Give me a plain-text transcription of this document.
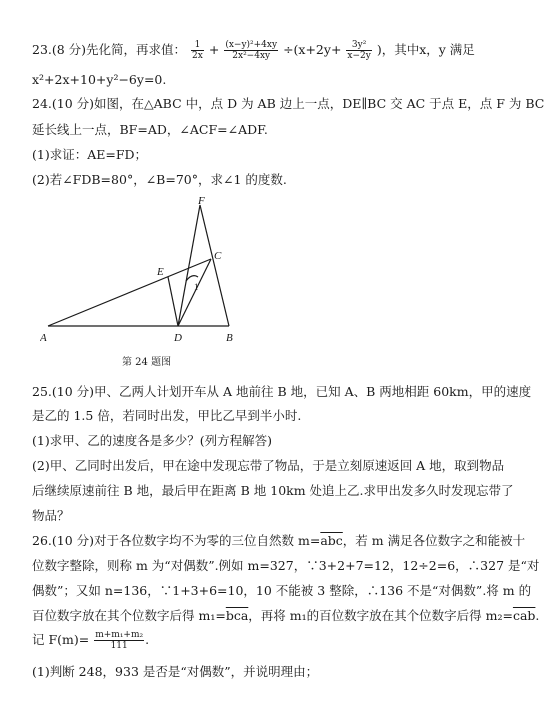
23.(8 分)先化简，再求值： $\frac{1}{2x} + \frac{\text{(x−y)²+4xy}}{\text{2x²−4xy}} \div(x+2y+ \frac{\text{3y²}}{x-2y}$ )，其中x，y 满足
x²+2x+10+y²−6y=0.
24.(10 分)如图，在△ABC 中，点 D 为 AB 边上一点，DE∥BC 交 AC 于点 E，点 F 为 BC
延长线上一点，BF=AD，∠ACF=∠ADF.
(1)求证：AE=FD；
(2)若∠FDB=80°，∠B=70°，求∠1 的度数.
A	B
C
D
E
F
1
第 24 题图
25.(10 分)甲、乙两人计划开车从 A 地前往 B 地，已知 A、B 两地相距 60km，甲的速度
是乙的 1.5 倍，若同时出发，甲比乙早到半小时.
(1)求甲、乙的速度各是多少？(列方程解答)
(2)甲、乙同时出发后，甲在途中发现忘带了物品，于是立刻原速返回 A 地，取到物品
后继续原速前往 B 地，最后甲在距离 B 地 10km 处追上乙.求甲出发多久时发现忘带了
物品？
26.(10 分)对于各位数字均不为零的三位自然数 $m=\overline{abc}$，若 m 满足各位数字之和能被十
位数字整除，则称 m 为“对偶数”.例如 m=327，∵3+2+7=12，12÷2=6，∴327 是“对
偶数”；又如 n=136，∵1+3+6=10，10 不能被 3 整除，∴136 不是“对偶数”.将 m 的
百位数字放在其个位数字后得 $m_1=\overline{bca}$，再将 m₁的百位数字放在其个位数字后得 $m_2=\overline{cab}$.
记 $F(m)= \frac{\text{m+m₁+m₂}}{111}$ .
(1)判断 248，933 是否是“对偶数”，并说明理由；
